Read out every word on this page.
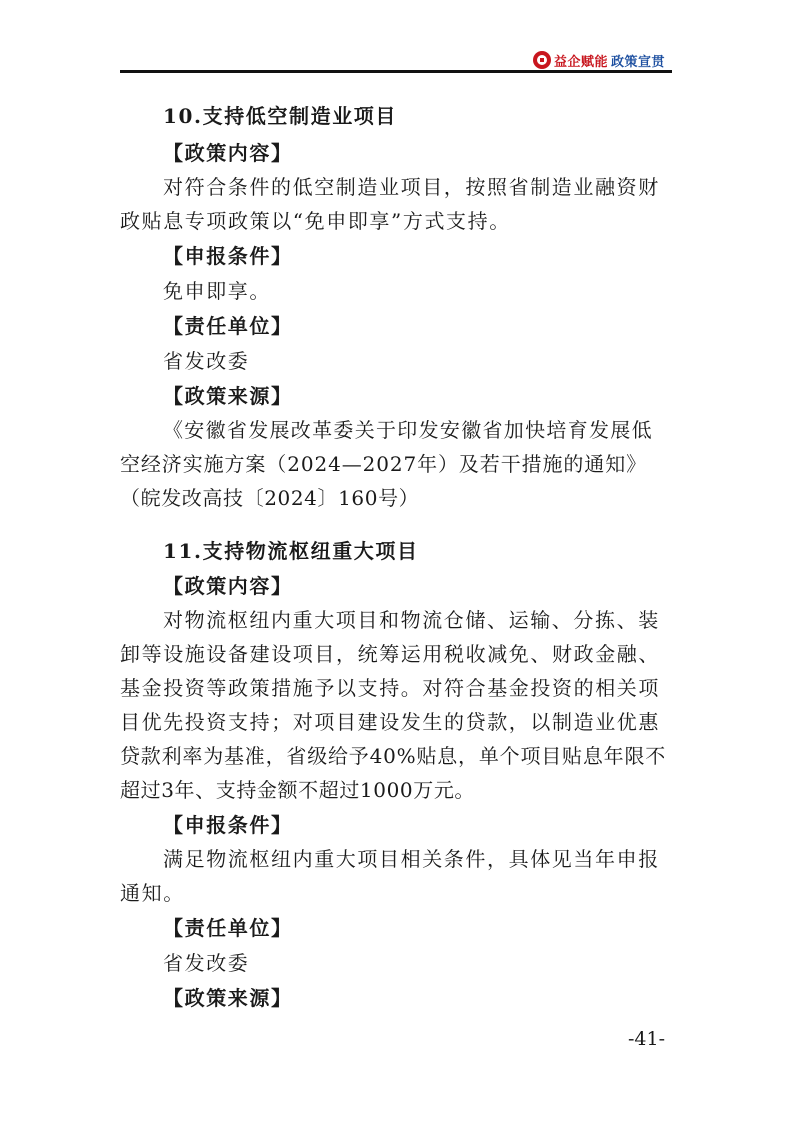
益企赋能 政策宣贯
10.支持低空制造业项目
【政策内容】
对符合条件的低空制造业项目，按照省制造业融资财
政贴息专项政策以“免申即享”方式支持。
【申报条件】
免申即享。
【责任单位】
省发改委
【政策来源】
《安徽省发展改革委关于印发安徽省加快培育发展低
空经济实施方案（2024—2027年）及若干措施的通知》
（皖发改高技〔2024〕160号）
11.支持物流枢纽重大项目
【政策内容】
对物流枢纽内重大项目和物流仓储、运输、分拣、装
卸等设施设备建设项目，统筹运用税收减免、财政金融、
基金投资等政策措施予以支持。对符合基金投资的相关项
目优先投资支持；对项目建设发生的贷款，以制造业优惠
贷款利率为基准，省级给予40%贴息，单个项目贴息年限不
超过3年、支持金额不超过1000万元。
【申报条件】
满足物流枢纽内重大项目相关条件，具体见当年申报
通知。
【责任单位】
省发改委
【政策来源】
-41-
